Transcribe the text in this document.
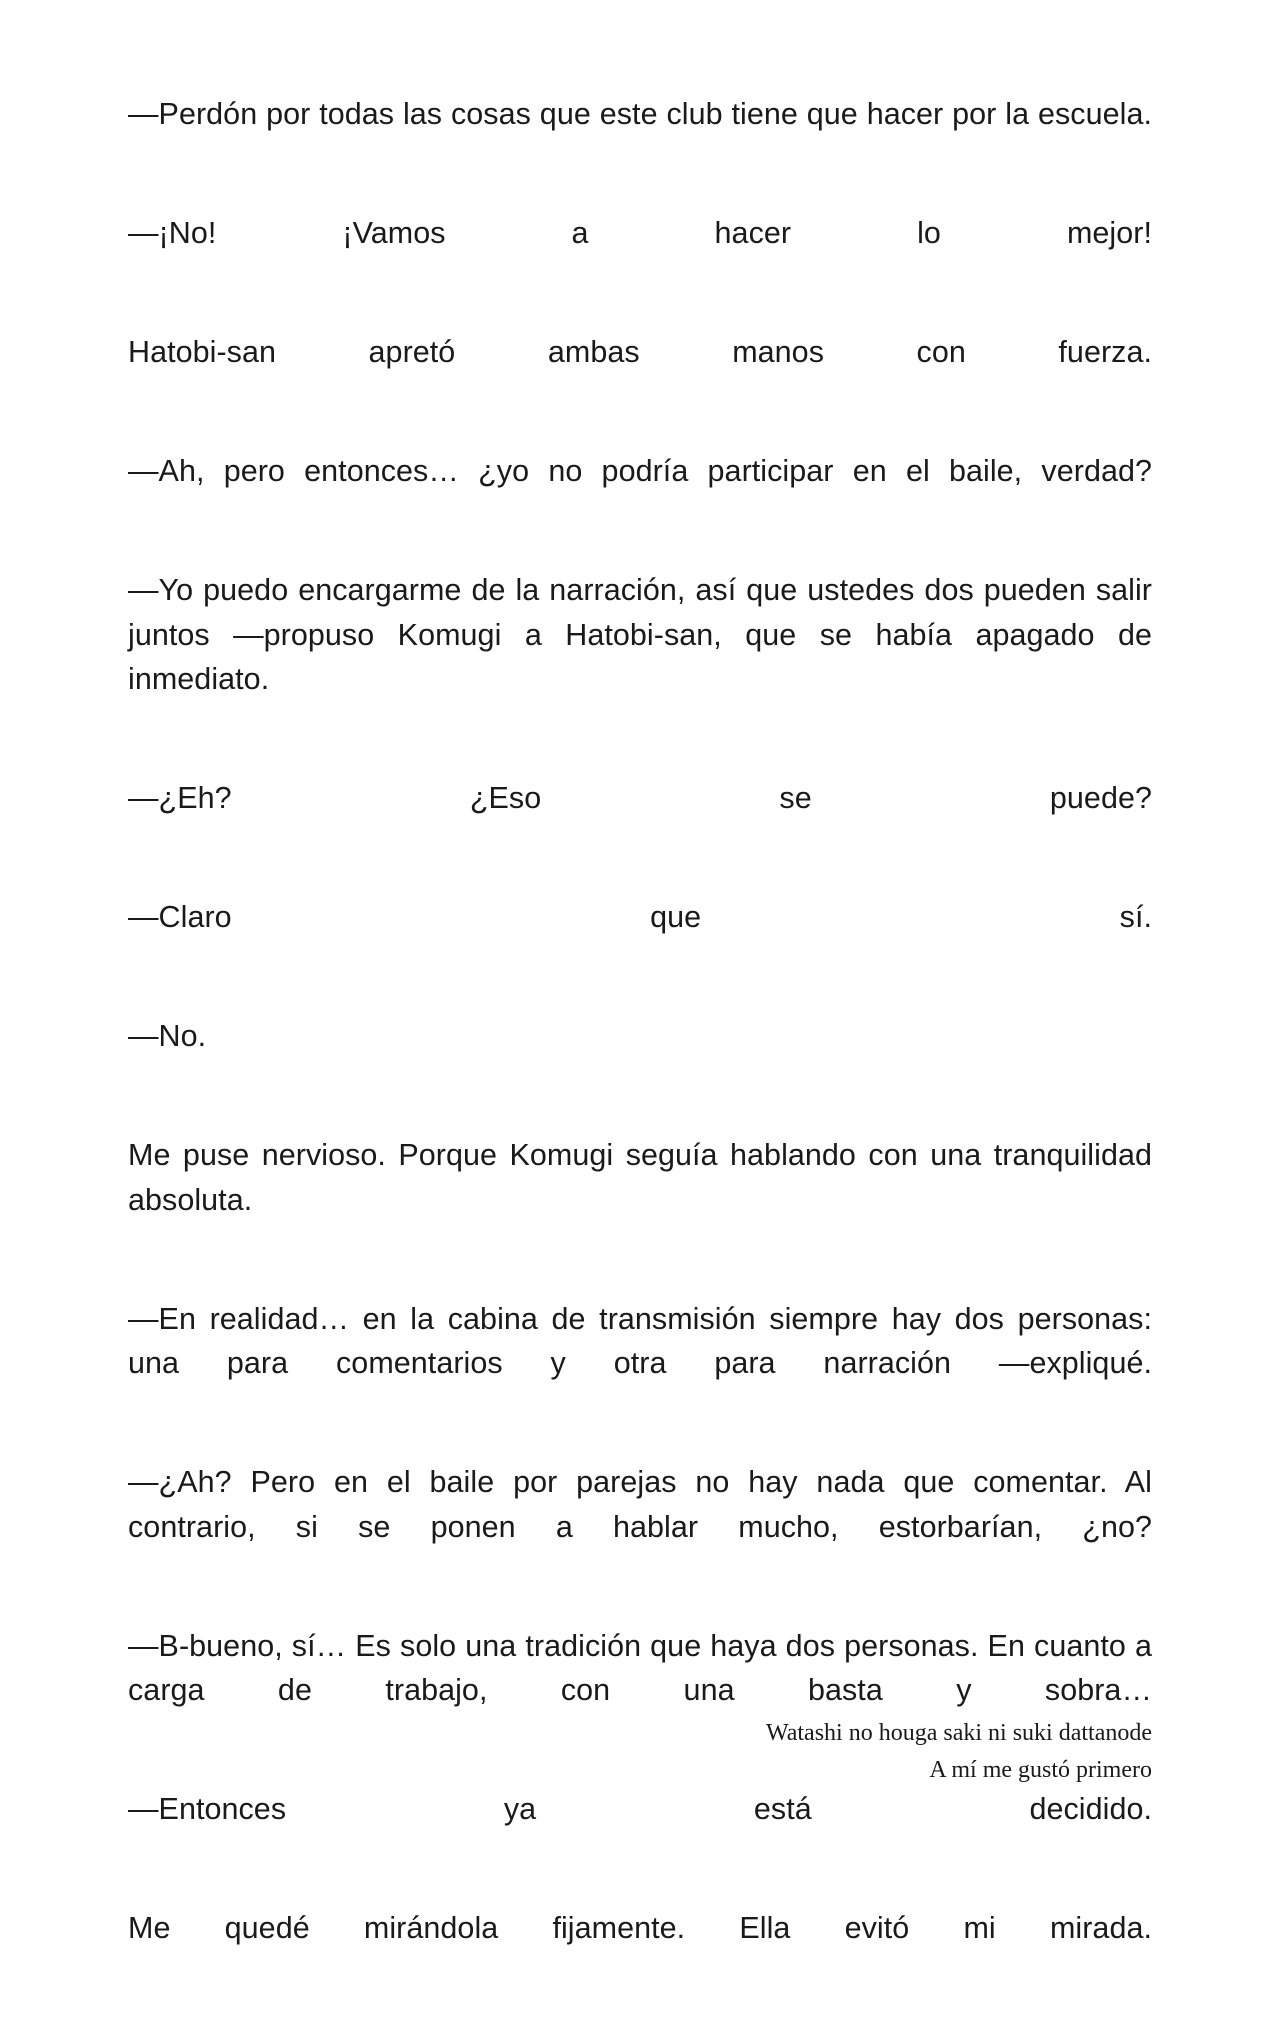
—Perdón por todas las cosas que este club tiene que hacer por la escuela.

—¡No! ¡Vamos a hacer lo mejor!

Hatobi-san apretó ambas manos con fuerza.

—Ah, pero entonces… ¿yo no podría participar en el baile, verdad?

—Yo puedo encargarme de la narración, así que ustedes dos pueden salir juntos —propuso Komugi a Hatobi-san, que se había apagado de inmediato.

—¿Eh? ¿Eso se puede?

—Claro que sí.

—No.

Me puse nervioso. Porque Komugi seguía hablando con una tranquilidad absoluta.

—En realidad… en la cabina de transmisión siempre hay dos personas: una para comentarios y otra para narración —expliqué.

—¿Ah? Pero en el baile por parejas no hay nada que comentar. Al contrario, si se ponen a hablar mucho, estorbarían, ¿no?

—B-bueno, sí… Es solo una tradición que haya dos personas. En cuanto a carga de trabajo, con una basta y sobra…

—Entonces ya está decidido.

Me quedé mirándola fijamente. Ella evitó mi mirada.

Watashi no houga saki ni suki dattanode
A mí me gustó primero
